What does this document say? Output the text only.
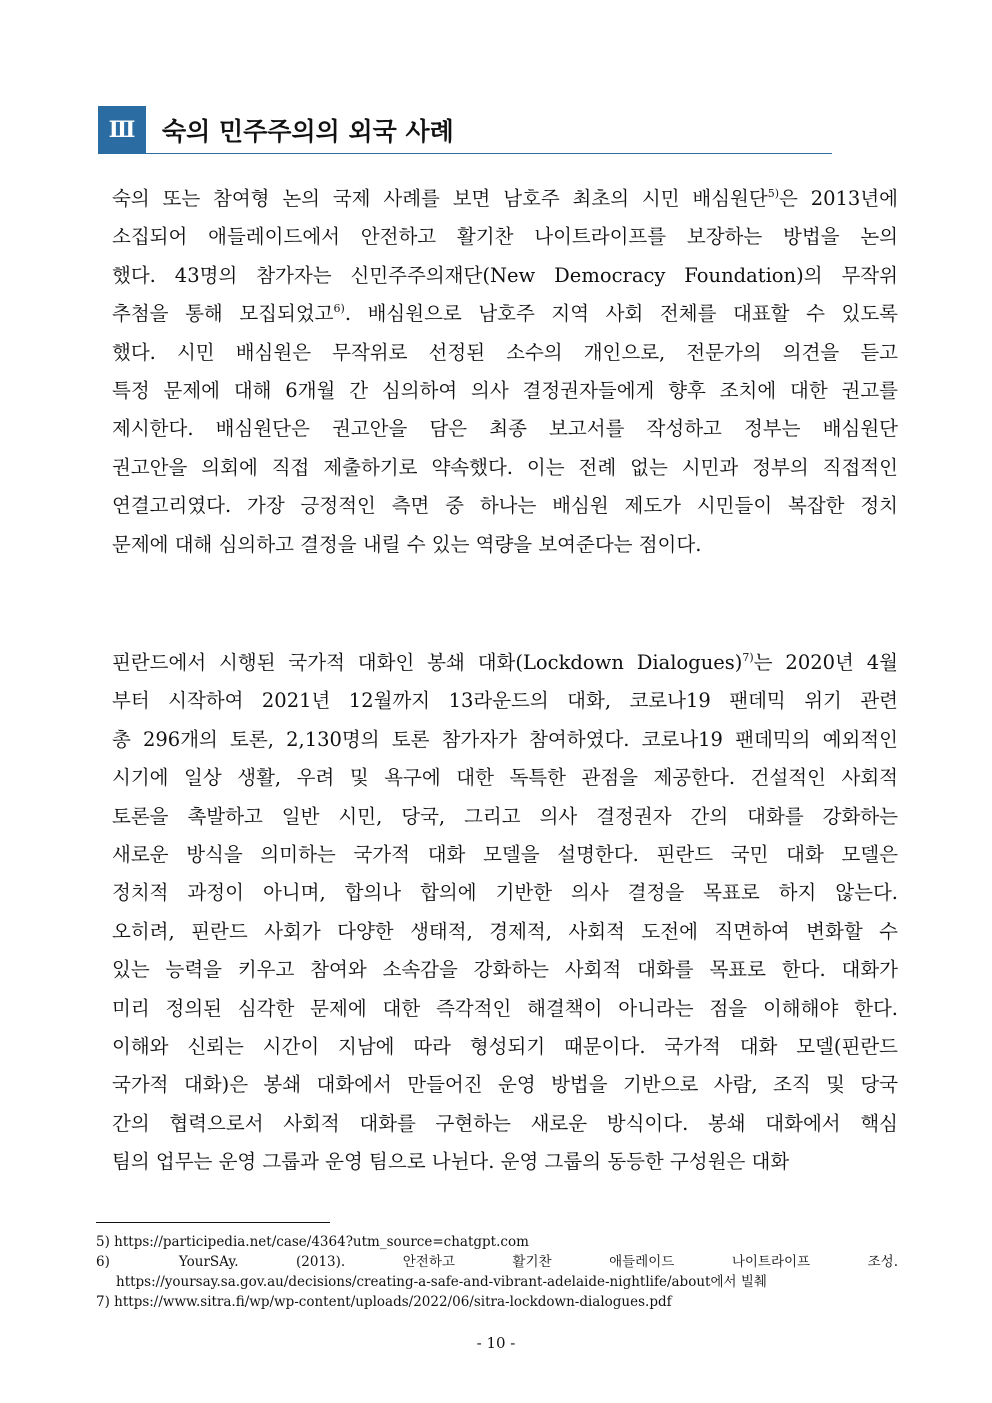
Ⅲ	숙의 민주주의의 외국 사례
숙의 또는 참여형 논의 국제 사례를 보면 남호주 최초의 시민 배심원단$^{5)}$은 2013년에
소집되어 애들레이드에서 안전하고 활기찬 나이트라이프를 보장하는 방법을 논의
했다. 43명의 참가자는 신민주주의재단(New Democracy Foundation)의 무작위
추첨을 통해 모집되었고$^{6)}$. 배심원으로 남호주 지역 사회 전체를 대표할 수 있도록
했다. 시민 배심원은 무작위로 선정된 소수의 개인으로, 전문가의 의견을 듣고
특정 문제에 대해 6개월 간 심의하여 의사 결정권자들에게 향후 조치에 대한 권고를
제시한다. 배심원단은 권고안을 담은 최종 보고서를 작성하고 정부는 배심원단
권고안을 의회에 직접 제출하기로 약속했다. 이는 전례 없는 시민과 정부의 직접적인
연결고리였다. 가장 긍정적인 측면 중 하나는 배심원 제도가 시민들이 복잡한 정치
문제에 대해 심의하고 결정을 내릴 수 있는 역량을 보여준다는 점이다.
핀란드에서 시행된 국가적 대화인 봉쇄 대화(Lockdown Dialogues)$^{7)}$는 2020년 4월
부터 시작하여 2021년 12월까지 13라운드의 대화, 코로나19 팬데믹 위기 관련
총 296개의 토론, 2,130명의 토론 참가자가 참여하였다. 코로나19 팬데믹의 예외적인
시기에 일상 생활, 우려 및 욕구에 대한 독특한 관점을 제공한다. 건설적인 사회적
토론을 촉발하고 일반 시민, 당국, 그리고 의사 결정권자 간의 대화를 강화하는
새로운 방식을 의미하는 국가적 대화 모델을 설명한다. 핀란드 국민 대화 모델은
정치적 과정이 아니며, 합의나 합의에 기반한 의사 결정을 목표로 하지 않는다.
오히려, 핀란드 사회가 다양한 생태적, 경제적, 사회적 도전에 직면하여 변화할 수
있는 능력을 키우고 참여와 소속감을 강화하는 사회적 대화를 목표로 한다. 대화가
미리 정의된 심각한 문제에 대한 즉각적인 해결책이 아니라는 점을 이해해야 한다.
이해와 신뢰는 시간이 지남에 따라 형성되기 때문이다. 국가적 대화 모델(핀란드
국가적 대화)은 봉쇄 대화에서 만들어진 운영 방법을 기반으로 사람, 조직 및 당국
간의 협력으로서 사회적 대화를 구현하는 새로운 방식이다. 봉쇄 대화에서 핵심
팀의 업무는 운영 그룹과 운영 팀으로 나뉜다. 운영 그룹의 동등한 구성원은 대화
5) https://participedia.net/case/4364?utm_source=chatgpt.com
6)      YourSAy.     (2013).     안전하고     활기찬     애들레이드     나이트라이프     조성.
https://yoursay.sa.gov.au/decisions/creating-a-safe-and-vibrant-adelaide-nightlife/about에서 빌췌
7) https://www.sitra.fi/wp/wp-content/uploads/2022/06/sitra-lockdown-dialogues.pdf
- 10 -
